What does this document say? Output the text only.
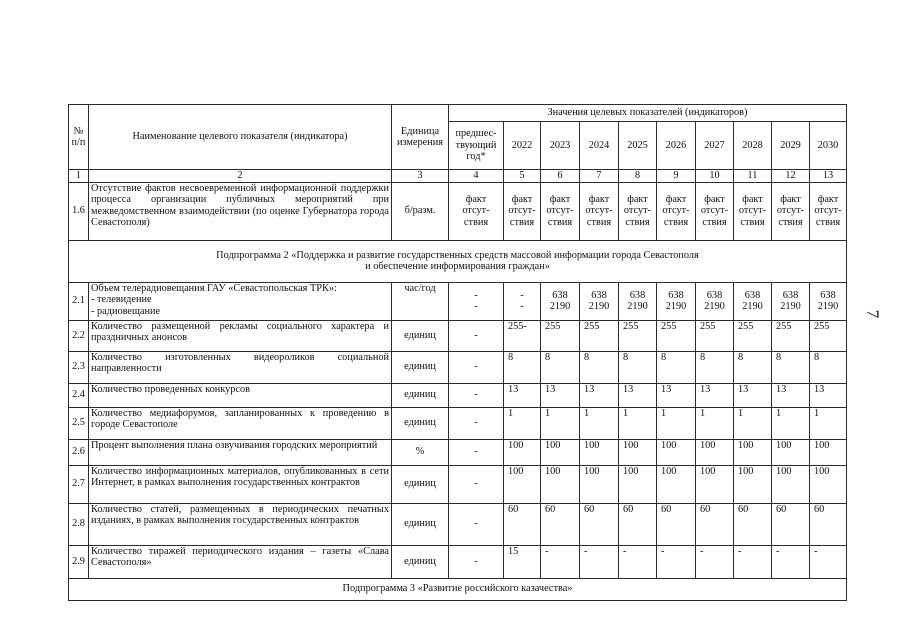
№
п/п	Наименование целевого показателя (индикатора)	Единица измерения	Значения целевых показателей (индикаторов)									
			предшес-
твующий
год*	2022	2023	2024	2025	2026	2027	2028	2029	2030
1	2	3	4	5	6	7	8	9	10	11	12	13
1.6	Отсутствие фактов несвоевременной информационной поддержки процесса организации публичных мероприятий при межведомственном взаимодействии (по оценке Губернатора города Севастополя)	б/разм.	факт
отсут-
ствия	факт
отсут-
ствия	факт
отсут-
ствия	факт
отсут-
ствия	факт
отсут-
ствия	факт
отсут-
ствия	факт
отсут-
ствия	факт
отсут-
ствия	факт
отсут-
ствия	факт
отсут-
ствия
Подпрограмма 2 «Поддержка и развитие государственных средств массовой информации города Севастополя
и обеспечение информирования граждан»												
2.1	Объем телерадиовещания ГАУ «Севастопольская ТРК»:
- телевидение
- радиовещание	час/год	-
-	-
-	638
2190	638
2190	638
2190	638
2190	638
2190	638
2190	638
2190	638
2190
2.2	Количество размещенной рекламы социального характера и праздничных анонсов	единиц	-	255-	255	255	255	255	255	255	255	255
2.3	Количество изготовленных видеороликов социальной направленности	единиц	-	8	8	8	8	8	8	8	8	8
2.4	Количество проведенных конкурсов	единиц	-	13	13	13	13	13	13	13	13	13
2.5	Количество медиафорумов, запланированных к проведению в городе Севастополе	единиц	-	1	1	1	1	1	1	1	1	1
2.6	Процент выполнения плана озвучивания городских мероприятий	%	-	100	100	100	100	100	100	100	100	100
2.7	Количество информационных материалов, опубликованных в сети Интернет, в рамках выполнения государственных контрактов	единиц	-	100	100	100	100	100	100	100	100	100
2.8	Количество статей, размещенных в периодических печатных изданиях, в рамках выполнения государственных контрактов	единиц	-	60	60	60	60	60	60	60	60	60
2.9	Количество тиражей периодического издания – газеты «Слава Севастополя»	единиц	-	15	-	-	-	-	-	-	-	-
Подпрограмма 3 «Развитие российского казачества»												
7
